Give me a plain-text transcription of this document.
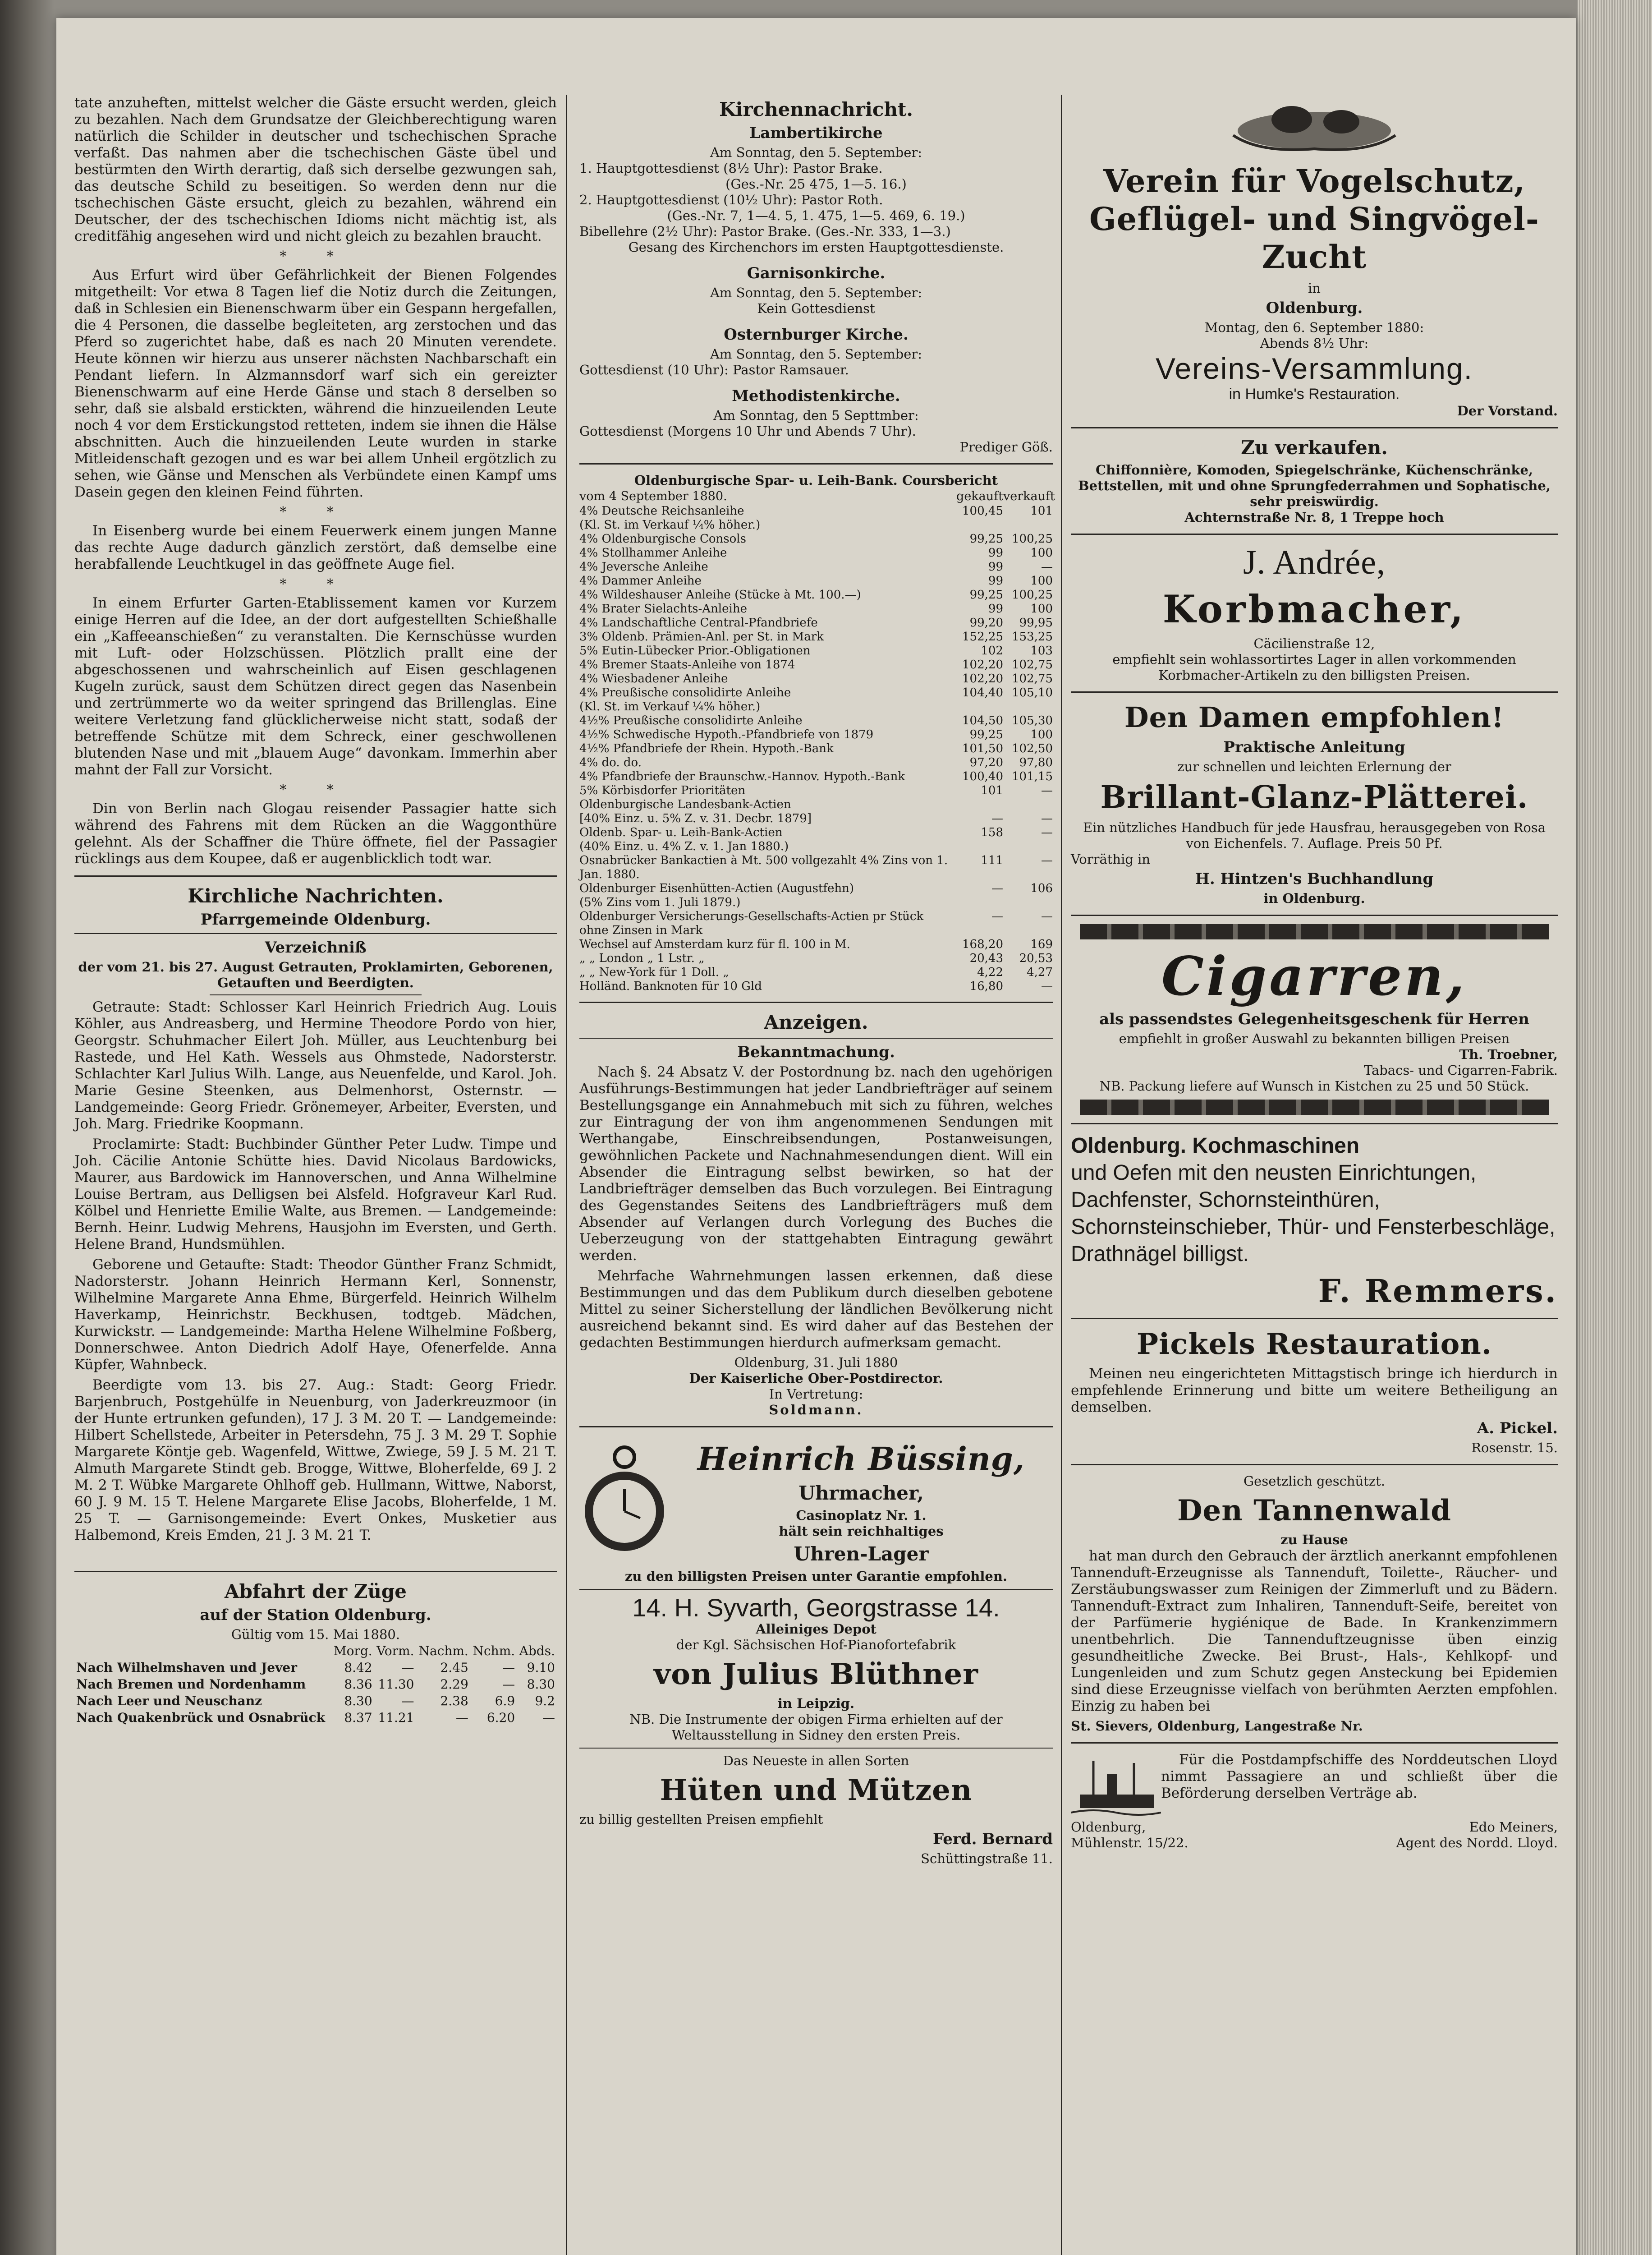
tate anzuheften, mittelst welcher die Gäste ersucht werden, gleich zu bezahlen. Nach dem Grundsatze der Gleichberechtigung waren natürlich die Schilder in deutscher und tschechischen Sprache verfaßt. Das nahmen aber die tschechischen Gäste übel und bestürmten den Wirth derartig, daß sich derselbe gezwungen sah, das deutsche Schild zu beseitigen. So werden denn nur die tschechischen Gäste ersucht, gleich zu bezahlen, während ein Deutscher, der des tschechischen Idioms nicht mächtig ist, als creditfähig angesehen wird und nicht gleich zu bezahlen braucht.

* *

Aus Erfurt wird über Gefährlichkeit der Bienen Folgendes mitgetheilt: Vor etwa 8 Tagen lief die Notiz durch die Zeitungen, daß in Schlesien ein Bienenschwarm über ein Gespann hergefallen, die 4 Personen, die dasselbe begleiteten, arg zerstochen und das Pferd so zugerichtet habe, daß es nach 20 Minuten verendete. Heute können wir hierzu aus unserer nächsten Nachbarschaft ein Pendant liefern. In Alzmannsdorf warf sich ein gereizter Bienenschwarm auf eine Herde Gänse und stach 8 derselben so sehr, daß sie alsbald erstickten, während die hinzueilenden Leute noch 4 vor dem Erstickungstod retteten, indem sie ihnen die Hälse abschnitten. Auch die hinzueilenden Leute wurden in starke Mitleidenschaft gezogen und es war bei allem Unheil ergötzlich zu sehen, wie Gänse und Menschen als Verbündete einen Kampf ums Dasein gegen den kleinen Feind führten.

* *

In Eisenberg wurde bei einem Feuerwerk einem jungen Manne das rechte Auge dadurch gänzlich zerstört, daß demselbe eine herabfallende Leuchtkugel in das geöffnete Auge fiel.

* *

In einem Erfurter Garten-Etablissement kamen vor Kurzem einige Herren auf die Idee, an der dort aufgestellten Schießhalle ein „Kaffeeanschießen“ zu veranstalten. Die Kernschüsse wurden mit Luft- oder Holzschüssen. Plötzlich prallt eine der abgeschossenen und wahrscheinlich auf Eisen geschlagenen Kugeln zurück, saust dem Schützen direct gegen das Nasenbein und zertrümmerte wo da weiter springend das Brillenglas. Eine weitere Verletzung fand glücklicherweise nicht statt, sodaß der betreffende Schütze mit dem Schreck, einer geschwollenen blutenden Nase und mit „blauem Auge“ davonkam. Immerhin aber mahnt der Fall zur Vorsicht.

* *

Din von Berlin nach Glogau reisender Passagier hatte sich während des Fahrens mit dem Rücken an die Waggonthüre gelehnt. Als der Schaffner die Thüre öffnete, fiel der Passagier rücklings aus dem Koupee, daß er augenblicklich todt war.

Kirchliche Nachrichten.
Pfarrgemeinde Oldenburg.
Verzeichniß

der vom 21. bis 27. August Getrauten, Proklamirten, Geborenen, Getauften und Beerdigten.

Getraute: Stadt: Schlosser Karl Heinrich Friedrich Aug. Louis Köhler, aus Andreasberg, und Hermine Theodore Pordo von hier, Georgstr. Schuhmacher Eilert Joh. Müller, aus Leuchtenburg bei Rastede, und Hel Kath. Wessels aus Ohmstede, Nadorsterstr. Schlachter Karl Julius Wilh. Lange, aus Neuenfelde, und Karol. Joh. Marie Gesine Steenken, aus Delmenhorst, Osternstr. — Landgemeinde: Georg Friedr. Grönemeyer, Arbeiter, Eversten, und Joh. Marg. Friedrike Koopmann.

Proclamirte: Stadt: Buchbinder Günther Peter Ludw. Timpe und Joh. Cäcilie Antonie Schütte hies. David Nicolaus Bardowicks, Maurer, aus Bardowick im Hannoverschen, und Anna Wilhelmine Louise Bertram, aus Delligsen bei Alsfeld. Hofgraveur Karl Rud. Kölbel und Henriette Emilie Walte, aus Bremen. — Landgemeinde: Bernh. Heinr. Ludwig Mehrens, Hausjohn im Eversten, und Gerth. Helene Brand, Hundsmühlen.

Geborene und Getaufte: Stadt: Theodor Günther Franz Schmidt, Nadorsterstr. Johann Heinrich Hermann Kerl, Sonnenstr, Wilhelmine Margarete Anna Ehme, Bürgerfeld. Heinrich Wilhelm Haverkamp, Heinrichstr. Beckhusen, todtgeb. Mädchen, Kurwickstr. — Landgemeinde: Martha Helene Wilhelmine Foßberg, Donnerschwee. Anton Diedrich Adolf Haye, Ofenerfelde. Anna Küpfer, Wahnbeck.

Beerdigte vom 13. bis 27. Aug.: Stadt: Georg Friedr. Barjenbruch, Postgehülfe in Neuenburg, von Jaderkreuzmoor (in der Hunte ertrunken gefunden), 17 J. 3 M. 20 T. — Landgemeinde: Hilbert Schellstede, Arbeiter in Petersdehn, 75 J. 3 M. 29 T. Sophie Margarete Köntje geb. Wagenfeld, Wittwe, Zwiege, 59 J. 5 M. 21 T. Almuth Margarete Stindt geb. Brogge, Wittwe, Bloherfelde, 69 J. 2 M. 2 T. Wübke Margarete Ohlhoff geb. Hullmann, Wittwe, Naborst, 60 J. 9 M. 15 T. Helene Margarete Elise Jacobs, Bloherfelde, 1 M. 25 T. — Garnisongemeinde: Evert Onkes, Musketier aus Halbemond, Kreis Emden, 21 J. 3 M. 21 T.

Abfahrt der Züge
auf der Station Oldenburg.
Gültig vom 15. Mai 1880.
	Morg.	Vorm.	Nachm.	Nchm.	Abds.
Nach Wilhelmshaven und Jever	8.42	—	2.45	—	9.10
Nach Bremen und Nordenhamm	8.36	11.30	2.29	—	8.30
Nach Leer und Neuschanz	8.30	—	2.38	6.9	9.2
Nach Quakenbrück und Osnabrück	8.37	11.21	—	6.20	—
Kirchennachricht.
Lambertikirche

Am Sonntag, den 5. September:

1. Hauptgottesdienst (8½ Uhr): Pastor Brake.

(Ges.-Nr. 25 475, 1—5. 16.)

2. Hauptgottesdienst (10½ Uhr): Pastor Roth.

(Ges.-Nr. 7, 1—4. 5, 1. 475, 1—5. 469, 6. 19.)

Bibellehre (2½ Uhr): Pastor Brake. (Ges.-Nr. 333, 1—3.)

Gesang des Kirchenchors im ersten Hauptgottesdienste.

Garnisonkirche.

Am Sonntag, den 5. September:

Kein Gottesdienst

Osternburger Kirche.

Am Sonntag, den 5. September:

Gottesdienst (10 Uhr): Pastor Ramsauer.

Methodistenkirche.

Am Sonntag, den 5 Septtmber:

Gottesdienst (Morgens 10 Uhr und Abends 7 Uhr).

Prediger Göß.

Oldenburgische Spar- u. Leih-Bank. Coursbericht
vom 4 September 1880.	gekauft verkauft
4% Deutsche Reichsanleihe	100,45	101
(Kl. St. im Verkauf ¼% höher.)
4% Oldenburgische Consols	99,25 100,25
4% Stollhammer Anleihe	99	100
4% Jeversche Anleihe	99	—
4% Dammer Anleihe	99	100
4% Wildeshauser Anleihe (Stücke à Mt. 100.—)	99,25 100,25
4% Brater Sielachts-Anleihe	99	100
4% Landschaftliche Central-Pfandbriefe	99,20	99,95
3% Oldenb. Prämien-Anl. per St. in Mark	152,25 153,25
5% Eutin-Lübecker Prior.-Obligationen	102	103
4% Bremer Staats-Anleihe von 1874	102,20 102,75
4% Wiesbadener Anleihe	102,20 102,75
4% Preußische consolidirte Anleihe	104,40 105,10
(Kl. St. im Verkauf ¼% höher.)
4½% Preußische consolidirte Anleihe	104,50 105,30
4½% Schwedische Hypoth.-Pfandbriefe von 1879	99,25	100
4½% Pfandbriefe der Rhein. Hypoth.-Bank	101,50 102,50
4% do. do.	97,20	97,80
4% Pfandbriefe der Braunschw.-Hannov. Hypoth.-Bank	100,40 101,15
5% Körbisdorfer Prioritäten	101	—
Oldenburgische Landesbank-Actien
[40% Einz. u. 5% Z. v. 31. Decbr. 1879]	—	—
Oldenb. Spar- u. Leih-Bank-Actien	158	—
(40% Einz. u. 4% Z. v. 1. Jan 1880.)
Osnabrücker Bankactien à Mt. 500 vollgezahlt 4% Zins von 1. Jan. 1880.
111	—
Oldenburger Eisenhütten-Actien (Augustfehn)	—	106
(5% Zins vom 1. Juli 1879.)
Oldenburger Versicherungs-Gesellschafts-Actien pr Stück ohne Zinsen in Mark
—	—
Wechsel auf Amsterdam kurz für fl. 100 in M.	168,20	169
„ „ London „ 1 Lstr. „	20,43	20,53
„ „ New-York für 1 Doll. „	4,22	4,27
Holländ. Banknoten für 10 Gld	16,80	—
Anzeigen.
Bekanntmachung.

Nach §. 24 Absatz V. der Postordnung bz. nach den ugehörigen Ausführungs-Bestimmungen hat jeder Landbriefträger auf seinem Bestellungsgange ein Annahmebuch mit sich zu führen, welches zur Eintragung der von ihm angenommenen Sendungen mit Werthangabe, Einschreibsendungen, Postanweisungen, gewöhnlichen Packete und Nachnahmesendungen dient. Will ein Absender die Eintragung selbst bewirken, so hat der Landbriefträger demselben das Buch vorzulegen. Bei Eintragung des Gegenstandes Seitens des Landbriefträgers muß dem Absender auf Verlangen durch Vorlegung des Buches die Ueberzeugung von der stattgehabten Eintragung gewährt werden.

Mehrfache Wahrnehmungen lassen erkennen, daß diese Bestimmungen und das dem Publikum durch dieselben gebotene Mittel zu seiner Sicherstellung der ländlichen Bevölkerung nicht ausreichend bekannt sind. Es wird daher auf das Bestehen der gedachten Bestimmungen hierdurch aufmerksam gemacht.

Oldenburg, 31. Juli 1880

Der Kaiserliche Ober-Postdirector.

In Vertretung:

Soldmann.

Heinrich Büssing,
Uhrmacher,
Casinoplatz Nr. 1.
hält sein reichhaltiges
Uhren-Lager
zu den billigsten Preisen unter Garantie empfohlen.
14. H. Syvarth, Georgstrasse 14.
Alleiniges Depot
der Kgl. Sächsischen Hof-Pianofortefabrik
von Julius Blüthner
in Leipzig.

NB. Die Instrumente der obigen Firma erhielten auf der Weltausstellung in Sidney den ersten Preis.

Das Neueste in allen Sorten
Hüten und Mützen
zu billig gestellten Preisen empfiehlt
Ferd. Bernard
Schüttingstraße 11.
Verein für Vogelschutz, Geflügel- und Singvögel-Zucht
in
Oldenburg.
Montag, den 6. September 1880:
Abends 8½ Uhr:
Vereins-Versammlung.
in Humke's Restauration.
Der Vorstand.
Zu verkaufen.

Chiffonnière, Komoden, Spiegelschränke, Küchenschränke, Bettstellen, mit und ohne Sprungfederrahmen und Sophatische, sehr preiswürdig.

Achternstraße Nr. 8, 1 Treppe hoch

J. Andrée,
Korbmacher,
Cäcilienstraße 12,

empfiehlt sein wohlassortirtes Lager in allen vorkommenden Korbmacher-Artikeln zu den billigsten Preisen.

Den Damen empfohlen!
Praktische Anleitung
zur schnellen und leichten Erlernung der
Brillant-Glanz-Plätterei.

Ein nützliches Handbuch für jede Hausfrau, herausgegeben von Rosa von Eichenfels. 7. Auflage. Preis 50 Pf.

Vorräthig in
H. Hintzen's Buchhandlung
in Oldenburg.
Cigarren,
als passendstes Gelegenheitsgeschenk für Herren
empfiehlt in großer Auswahl zu bekannten billigen Preisen
Th. Troebner,
Tabacs- und Cigarren-Fabrik.

NB. Packung liefere auf Wunsch in Kistchen zu 25 und 50 Stück.

Oldenburg. Kochmaschinen

und Oefen mit den neusten Einrichtungen, Dachfenster, Schornsteinthüren, Schornsteinschieber, Thür- und Fensterbeschläge, Drathnägel billigst.

F. Remmers.
Pickels Restauration.

Meinen neu eingerichteten Mittagstisch bringe ich hierdurch in empfehlende Erinnerung und bitte um weitere Betheiligung an demselben.

A. Pickel.
Rosenstr. 15.
Gesetzlich geschützt.
Den Tannenwald
zu Hause

hat man durch den Gebrauch der ärztlich anerkannt empfohlenen Tannenduft-Erzeugnisse als Tannenduft, Toilette-, Räucher- und Zerstäubungswasser zum Reinigen der Zimmerluft und zu Bädern. Tannenduft-Extract zum Inhaliren, Tannenduft-Seife, bereitet von der Parfümerie hygiénique de Bade. In Krankenzimmern unentbehrlich. Die Tannenduftzeugnisse üben einzig gesundheitliche Zwecke. Bei Brust-, Hals-, Kehlkopf- und Lungenleiden und zum Schutz gegen Ansteckung bei Epidemien sind diese Erzeugnisse vielfach von berühmten Aerzten empfohlen. Einzig zu haben bei

St. Sievers, Oldenburg, Langestraße Nr.

Für die Postdampfschiffe des Norddeutschen Lloyd nimmt Passagiere an und schließt über die Beförderung derselben Verträge ab.

Oldenburg,	Edo Meiners,
Mühlenstr. 15/22.	Agent des Nordd. Lloyd.
